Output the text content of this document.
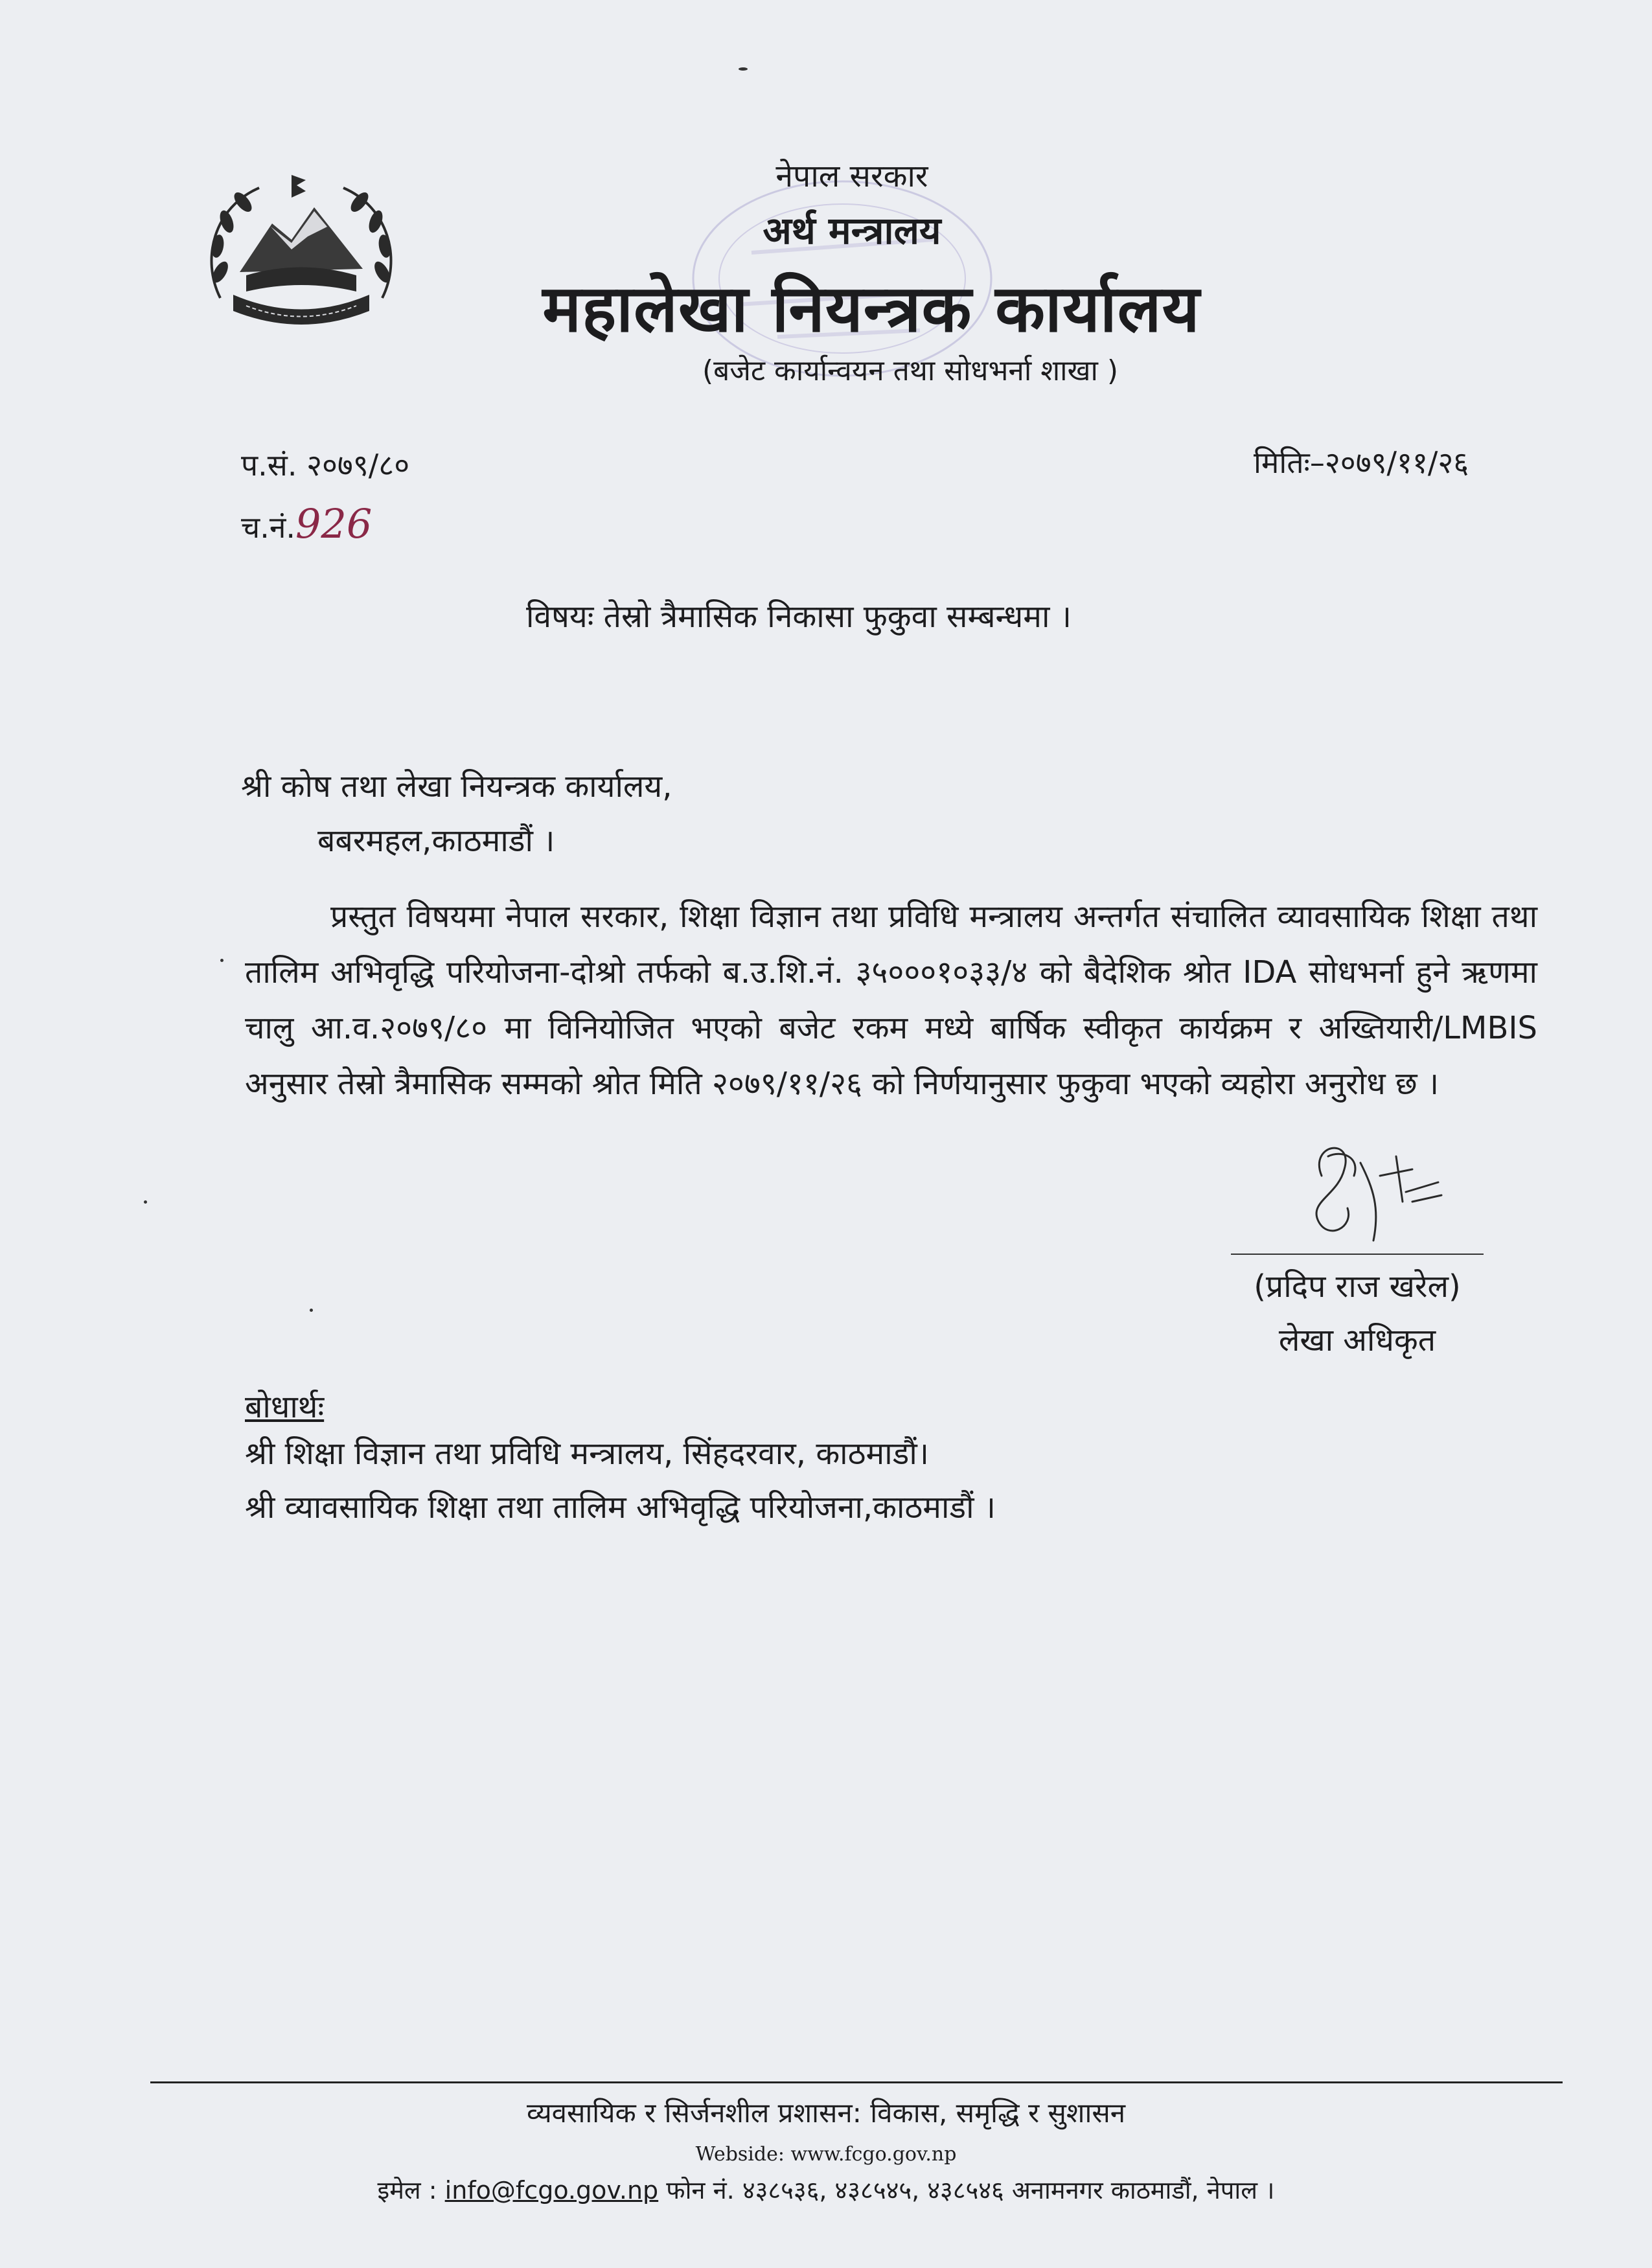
नेपाल सरकार
अर्थ मन्त्रालय
महालेखा नियन्त्रक कार्यालय
(बजेट कार्यान्वयन तथा सोधभर्ना शाखा )
प.सं. २०७९/८०
च.नं.926
मितिः–२०७९/११/२६
विषयः तेस्रो त्रैमासिक निकासा फुकुवा सम्बन्धमा ।
श्री कोष तथा लेखा नियन्त्रक कार्यालय,
बबरमहल,काठमाडौं ।
प्रस्तुत विषयमा नेपाल सरकार, शिक्षा विज्ञान तथा प्रविधि मन्त्रालय अन्तर्गत संचालित व्यावसायिक शिक्षा तथा तालिम अभिवृद्धि परियोजना-दोश्रो तर्फको ब.उ.शि.नं. ३५०००१०३३/४ को बैदेशिक श्रोत IDA सोधभर्ना हुने ऋणमा चालु आ.व.२०७९/८० मा विनियोजित भएको बजेट रकम मध्ये बार्षिक स्वीकृत कार्यक्रम र अख्तियारी/LMBIS अनुसार तेस्रो त्रैमासिक सम्मको श्रोत मिति २०७९/११/२६ को निर्णयानुसार फुकुवा भएको व्यहोरा अनुरोध छ ।
(प्रदिप राज खरेल)
लेखा अधिकृत
बोधार्थः
श्री शिक्षा विज्ञान तथा प्रविधि मन्त्रालय, सिंहदरवार, काठमाडौं।
श्री व्यावसायिक शिक्षा तथा तालिम अभिवृद्धि परियोजना,काठमाडौं ।
व्यवसायिक र सिर्जनशील प्रशासन: विकास, समृद्धि र सुशासन
Webside: www.fcgo.gov.np
इमेल : info@fcgo.gov.np फोन नं. ४३८५३६, ४३८५४५, ४३८५४६ अनामनगर काठमाडौं, नेपाल ।
